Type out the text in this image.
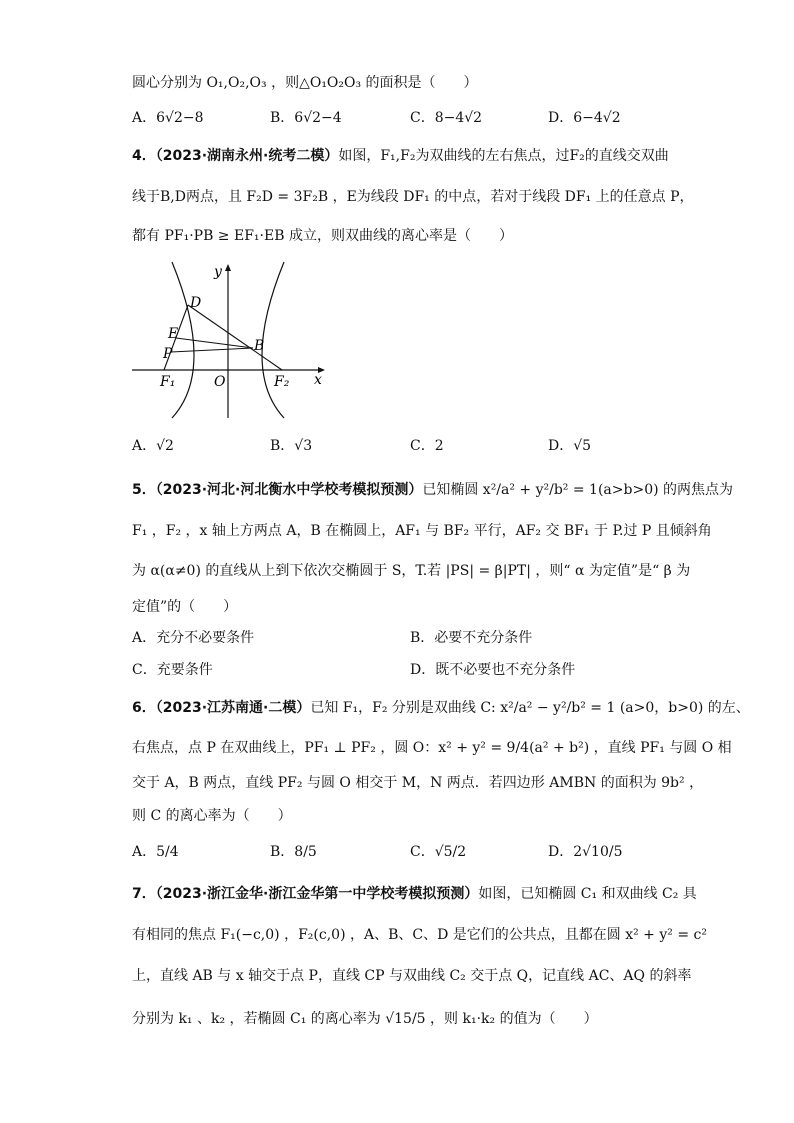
圆心分别为 O₁,O₂,O₃ ，则△O₁O₂O₃ 的面积是（　　）
A．6√2−8	B．6√2−4	C．8−4√2	D．6−4√2
4．（2023·湖南永州·统考二模）如图，F₁,F₂为双曲线的左右焦点，过F₂的直线交双曲
线于B,D两点，且 F₂D = 3F₂B ，E为线段 DF₁ 的中点，若对于线段 DF₁ 上的任意点 P，
都有 PF₁·PB ≥ EF₁·EB 成立，则双曲线的离心率是（　　）
y
x
D
E
P	B
F₁	O	F₂
A．√2	B．√3	C．2	D．√5
5．（2023·河北·河北衡水中学校考模拟预测）已知椭圆 x²/a² + y²/b² = 1(a>b>0) 的两焦点为
F₁ ，F₂ ，x 轴上方两点 A，B 在椭圆上，AF₁ 与 BF₂ 平行，AF₂ 交 BF₁ 于 P.过 P 且倾斜角
为 α(α≠0) 的直线从上到下依次交椭圆于 S，T.若 |PS| = β|PT| ，则“ α 为定值”是“ β 为
定值”的（　　）
A．充分不必要条件	B．必要不充分条件
C．充要条件	D．既不必要也不充分条件
6．（2023·江苏南通·二模）已知 F₁，F₂ 分别是双曲线 C: x²/a² − y²/b² = 1 (a>0，b>0) 的左、
右焦点，点 P 在双曲线上，PF₁ ⊥ PF₂ ，圆 O：x² + y² = 9/4(a² + b²) ，直线 PF₁ 与圆 O 相
交于 A，B 两点，直线 PF₂ 与圆 O 相交于 M，N 两点．若四边形 AMBN 的面积为 9b² ，
则 C 的离心率为（　　）
A．5/4	B．8/5	C．√5/2	D．2√10/5
7．（2023·浙江金华·浙江金华第一中学校考模拟预测）如图，已知椭圆 C₁ 和双曲线 C₂ 具
有相同的焦点 F₁(−c,0) ，F₂(c,0) ，A、B、C、D 是它们的公共点，且都在圆 x² + y² = c²
上，直线 AB 与 x 轴交于点 P，直线 CP 与双曲线 C₂ 交于点 Q，记直线 AC、AQ 的斜率
分别为 k₁ 、k₂ ，若椭圆 C₁ 的离心率为 √15/5 ，则 k₁·k₂ 的值为（　　）
